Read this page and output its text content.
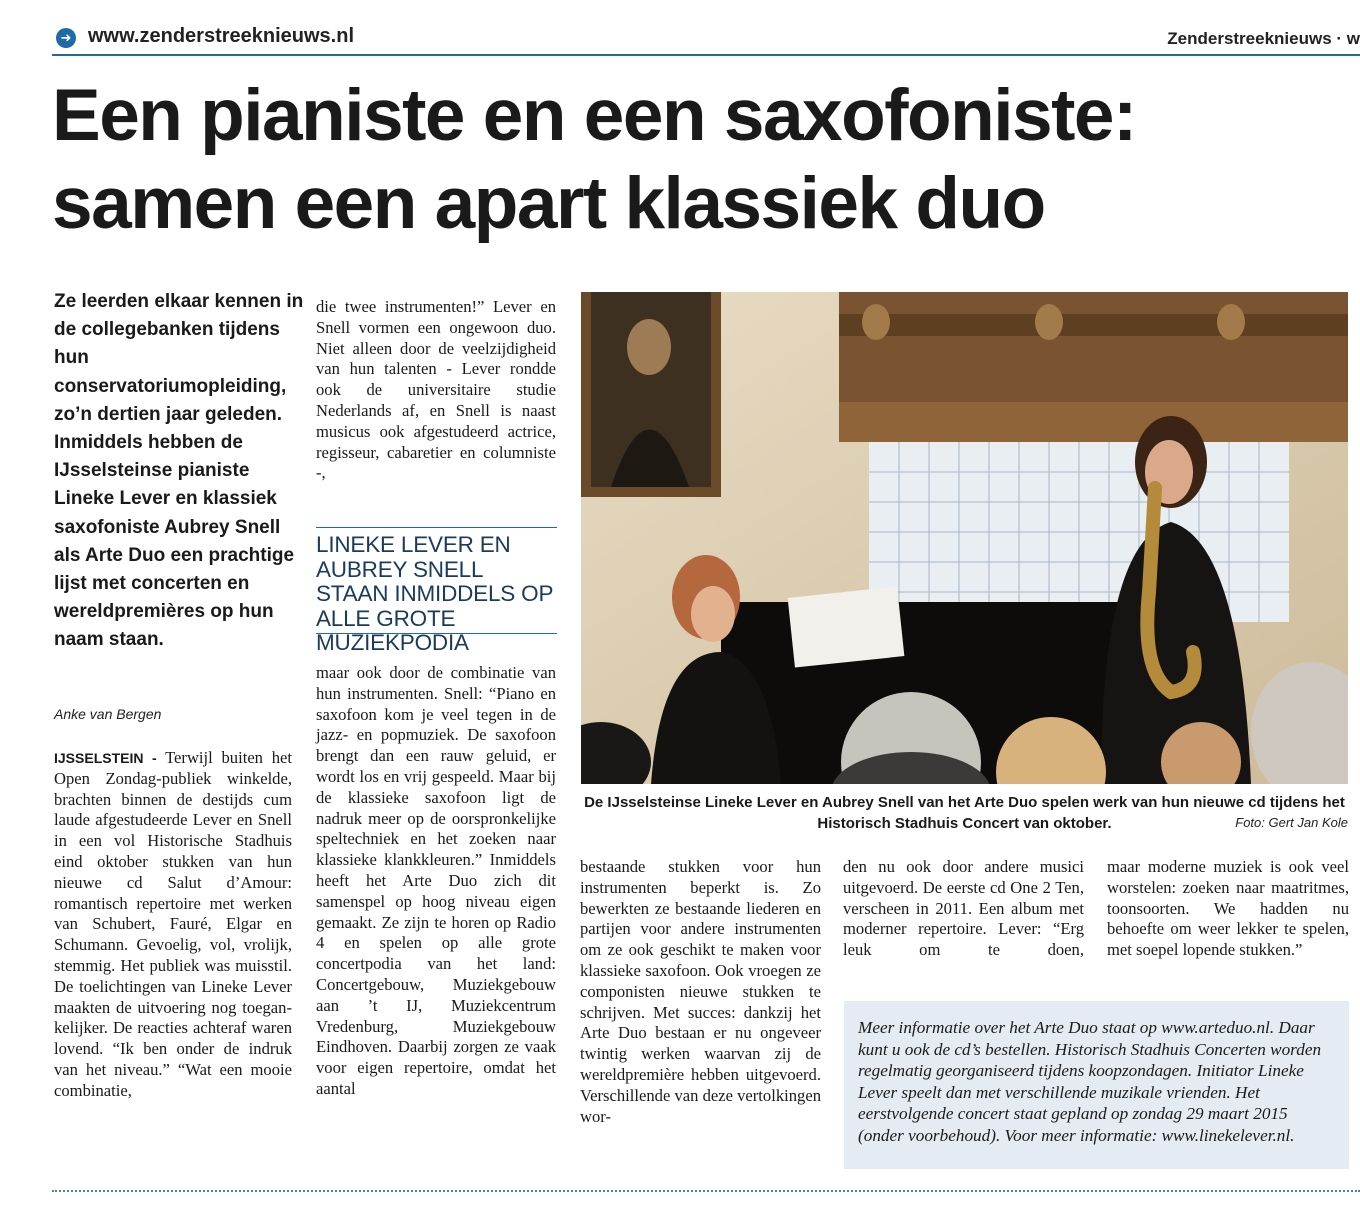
➜ www.zenderstreeknieuws.nl	Zenderstreeknieuws · w
Een pianiste en een saxofoniste: samen een apart klassiek duo
Ze leerden elkaar kennen in de collegebanken tijdens hun conservatoriumopleiding, zo’n dertien jaar geleden. Inmiddels hebben de IJsselsteinse pianiste Lineke Lever en klassiek saxofoniste Aubrey Snell als Arte Duo een prachtige lijst met concerten en wereldpremières op hun naam staan.
Anke van Bergen

IJSSELSTEIN - Terwijl buiten het Open Zondag-publiek winkelde, brachten binnen de destijds cum laude afgestudeerde Lever en Snell in een vol Historische Stadhuis eind oktober stukken van hun nieuwe cd Salut d’Amour: romantisch repertoire met werken van Schubert, Fauré, Elgar en Schumann. Gevoelig, vol, vrolijk, stemmig. Het publiek was muisstil. De toelichtingen van Lineke Lever maakten de uitvoering nog toegankelijker. De reacties achteraf waren lovend. “Ik ben onder de indruk van het niveau.” “Wat een mooie combinatie,

die twee instrumenten!” Lever en Snell vormen een ongewoon duo. Niet alleen door de veelzijdigheid van hun talenten - Lever rondde ook de universitaire studie Nederlands af, en Snell is naast musicus ook afgestudeerd actrice, regisseur, cabaretier en columniste -,

LINEKE LEVER EN AUBREY SNELL STAAN INMIDDELS OP ALLE GROTE MUZIEKPODIA

maar ook door de combinatie van hun instrumenten. Snell: “Piano en saxofoon kom je veel tegen in de jazz- en popmuziek. De saxofoon brengt dan een rauw geluid, er wordt los en vrij gespeeld. Maar bij de klassieke saxofoon ligt de nadruk meer op de oorspronkelijke speltechniek en het zoeken naar klassieke klankkleuren.” Inmiddels heeft het Arte Duo zich dit samenspel op hoog niveau eigen gemaakt. Ze zijn te horen op Radio 4 en spelen op alle grote concertpodia van het land: Concertgebouw, Muziekgebouw aan ’t IJ, Muziekcentrum Vredenburg, Muziekgebouw Eindhoven. Daarbij zorgen ze vaak voor eigen repertoire, omdat het aantal

De IJsselsteinse Lineke Lever en Aubrey Snell van het Arte Duo spelen werk van hun nieuwe cd tijdens het Historisch Stadhuis Concert van oktober.	Foto: Gert Jan Kole

bestaande stukken voor hun instrumenten beperkt is. Zo bewerkten ze bestaande liederen en partijen voor andere instrumenten om ze ook geschikt te maken voor klassieke saxofoon. Ook vroegen ze componisten nieuwe stukken te schrijven. Met succes: dankzij het Arte Duo bestaan er nu ongeveer twintig werken waarvan zij de wereldpremière hebben uitgevoerd. Verschillende van deze vertolkingen wor-

den nu ook door andere musici uitgevoerd. De eerste cd One 2 Ten, verscheen in 2011. Een album met moderner repertoire. Lever: “Erg leuk om te doen,

maar moderne muziek is ook veel worstelen: zoeken naar maatritmes, toonsoorten. We hadden nu behoefte om weer lekker te spelen, met soepel lopende stukken.”

Meer informatie over het Arte Duo staat op www.arteduo.nl. Daar kunt u ook de cd’s bestellen. Historisch Stadhuis Concerten worden regelmatig georganiseerd tijdens koopzondagen. Initiator Lineke Lever speelt dan met verschillende muzikale vrienden. Het eerstvolgende concert staat gepland op zondag 29 maart 2015 (onder voorbehoud). Voor meer informatie: www.linekelever.nl.
